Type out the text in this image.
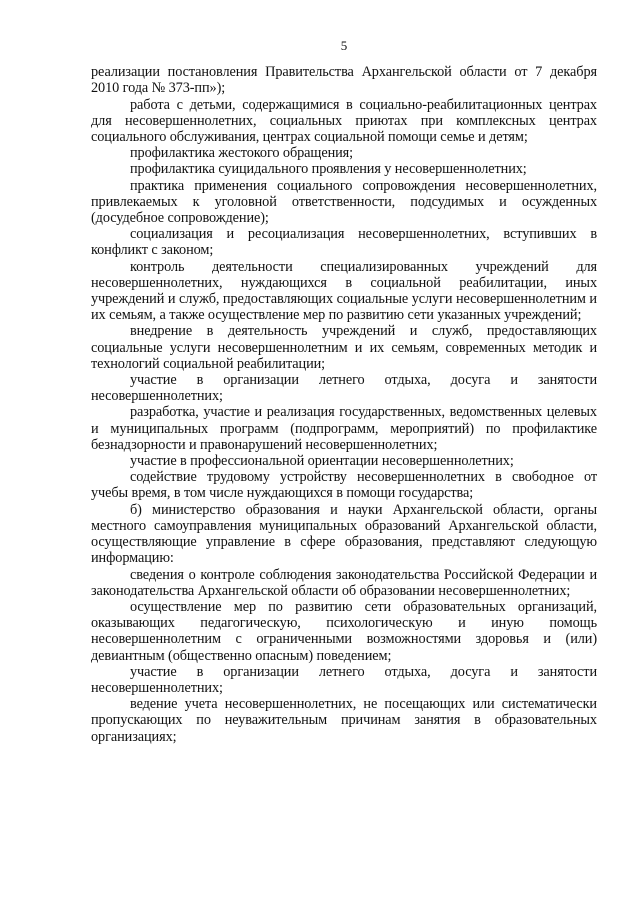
5

реализации постановления Правительства Архангельской области от 7 декабря 2010 года № 373-пп»);

работа с детьми, содержащимися в социально-реабилитационных центрах для несовершеннолетних, социальных приютах при комплексных центрах социального обслуживания, центрах социальной помощи семье и детям;

профилактика жестокого обращения;

профилактика суицидального проявления у несовершеннолетних;

практика применения социального сопровождения несовершеннолетних, привлекаемых к уголовной ответственности, подсудимых и осужденных (досудебное сопровождение);

социализация и ресоциализация несовершеннолетних, вступивших в конфликт с законом;

контроль деятельности специализированных учреждений для несовершеннолетних, нуждающихся в социальной реабилитации, иных учреждений и служб, предоставляющих социальные услуги несовершеннолетним и их семьям, а также осуществление мер по развитию сети указанных учреждений;

внедрение в деятельность учреждений и служб, предоставляющих социальные услуги несовершеннолетним и их семьям, современных методик и технологий социальной реабилитации;

участие в организации летнего отдыха, досуга и занятости несовершеннолетних;

разработка, участие и реализация государственных, ведомственных целевых и муниципальных программ (подпрограмм, мероприятий) по профилактике безнадзорности и правонарушений несовершеннолетних;

участие в профессиональной ориентации несовершеннолетних;

содействие трудовому устройству несовершеннолетних в свободное от учебы время, в том числе нуждающихся в помощи государства;

б) министерство образования и науки Архангельской области, органы местного самоуправления муниципальных образований Архангельской области, осуществляющие управление в сфере образования, представляют следующую информацию:

сведения о контроле соблюдения законодательства Российской Федерации и законодательства Архангельской области об образовании несовершеннолетних;

осуществление мер по развитию сети образовательных организаций, оказывающих педагогическую, психологическую и иную помощь несовершеннолетним с ограниченными возможностями здоровья и (или) девиантным (общественно опасным) поведением;

участие в организации летнего отдыха, досуга и занятости несовершеннолетних;

ведение учета несовершеннолетних, не посещающих или систематически пропускающих по неуважительным причинам занятия в образовательных организациях;
